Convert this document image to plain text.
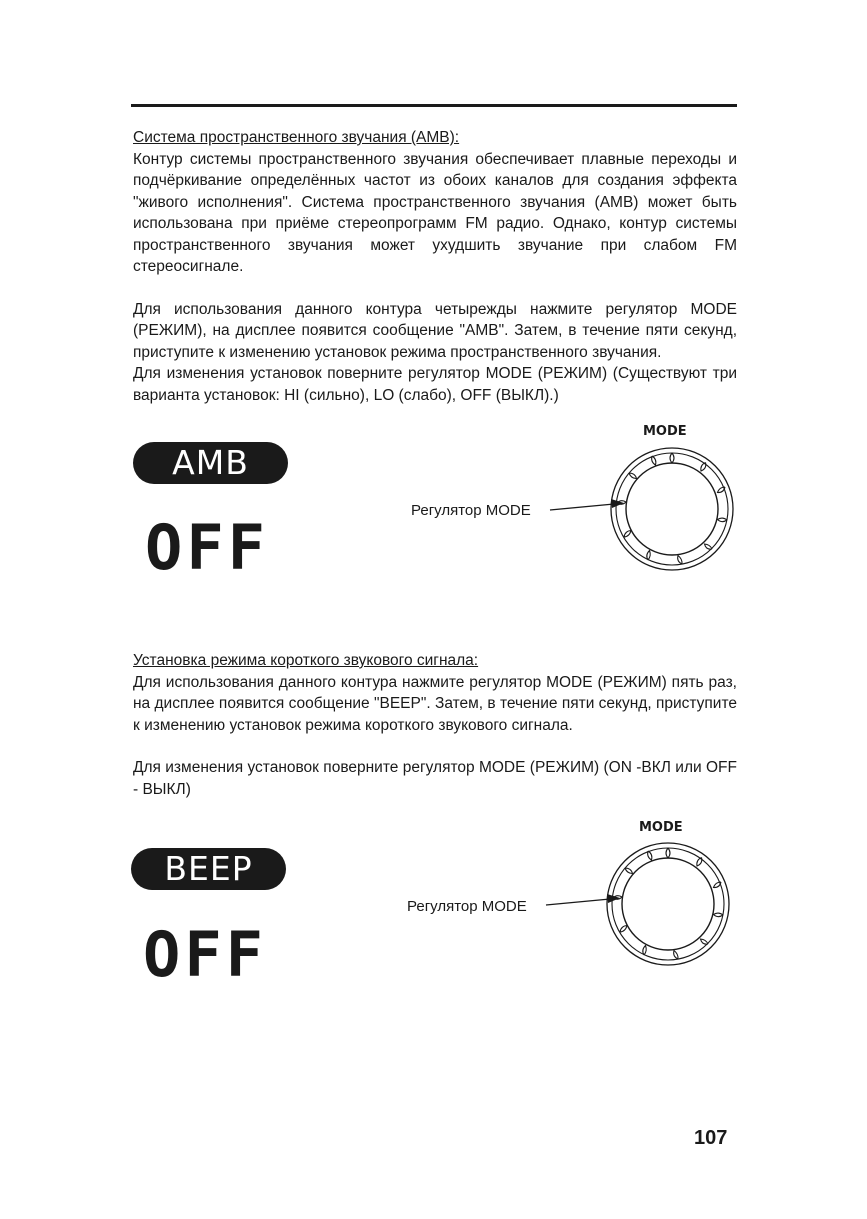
Система пространственного звучания (AMB):

Контур системы пространственного звучания обеспечивает плавные переходы и подчёркивание определённых частот из обоих каналов для создания эффекта "живого исполнения". Система пространственного звучания (AMB) может быть использована при приёме стереопрограмм FM радио. Однако, контур системы пространственного звучания может ухудшить звучание при слабом FM стереосигнале.

Для использования данного контура четырежды нажмите регулятор MODE (РЕЖИМ), на дисплее появится сообщение "AMB". Затем, в течение пяти секунд, приступите к изменению установок режима пространственного звучания.

Для изменения установок поверните регулятор MODE (РЕЖИМ) (Существуют три варианта установок: HI (сильно), LO (слабо), OFF (ВЫКЛ).)

AMB
OFF
MODE
Регулятор MODE

Установка режима короткого звукового сигнала:

Для использования данного контура нажмите регулятор MODE (РЕЖИМ) пять раз, на дисплее появится сообщение "BEEP". Затем, в течение пяти секунд, приступите к изменению установок режима короткого звукового сигнала.

Для изменения установок поверните регулятор MODE (РЕЖИМ) (ON -ВКЛ или OFF - ВЫКЛ)

BEEP
OFF
MODE
Регулятор MODE
107
